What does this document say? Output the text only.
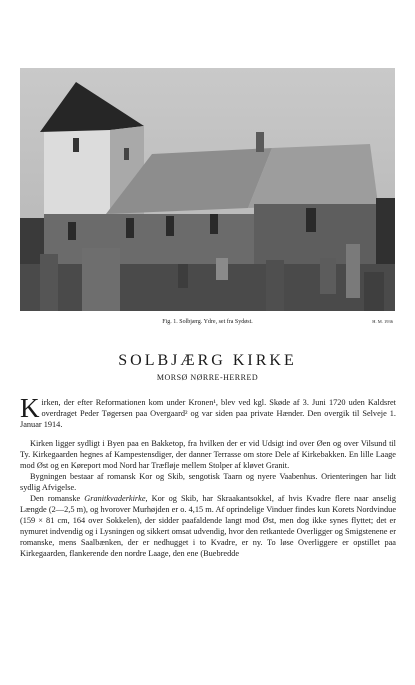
Fig. 1. Solbjærg. Ydre, set fra Sydøst.	H. M. 1936
SOLBJÆRG KIRKE
MORSØ NØRRE-HERRED

Kirken, der efter Reformationen kom under Kronen¹, blev ved kgl. Skøde af 3. Juni 1720 uden Kaldsret overdraget Peder Tøgersen paa Overgaard² og var siden paa private Hænder. Den overgik til Selveje 1. Januar 1914.

Kirken ligger sydligt i Byen paa en Bakketop, fra hvilken der er vid Udsigt ind over Øen og over Vilsund til Ty. Kirkegaarden hegnes af Kampestensdiger, der danner Terrasse om store Dele af Kirkebakken. En lille Laage mod Øst og en Køreport mod Nord har Træfløje mellem Stolper af kløvet Granit.

Bygningen bestaar af romansk Kor og Skib, sengotisk Taarn og nyere Vaabenhus. Orienteringen har lidt sydlig Afvigelse.

Den romanske Granitkvaderkirke, Kor og Skib, har Skraakantsokkel, af hvis Kvadre flere naar anselig Længde (2—2,5 m), og hvorover Murhøjden er o. 4,15 m. Af oprindelige Vinduer findes kun Korets Nordvindue (159 × 81 cm, 164 over Sokkelen), der sidder paafaldende langt mod Øst, men dog ikke synes flyttet; det er nymuret indvendig og i Lysningen og sikkert omsat udvendig, hvor den retkantede Overligger og Smigstenene er romanske, mens Saalbænken, der er nedhugget i to Kvadre, er ny. To løse Overliggere er opstillet paa Kirkegaarden, flankerende den nordre Laage, den ene (Buebredde
